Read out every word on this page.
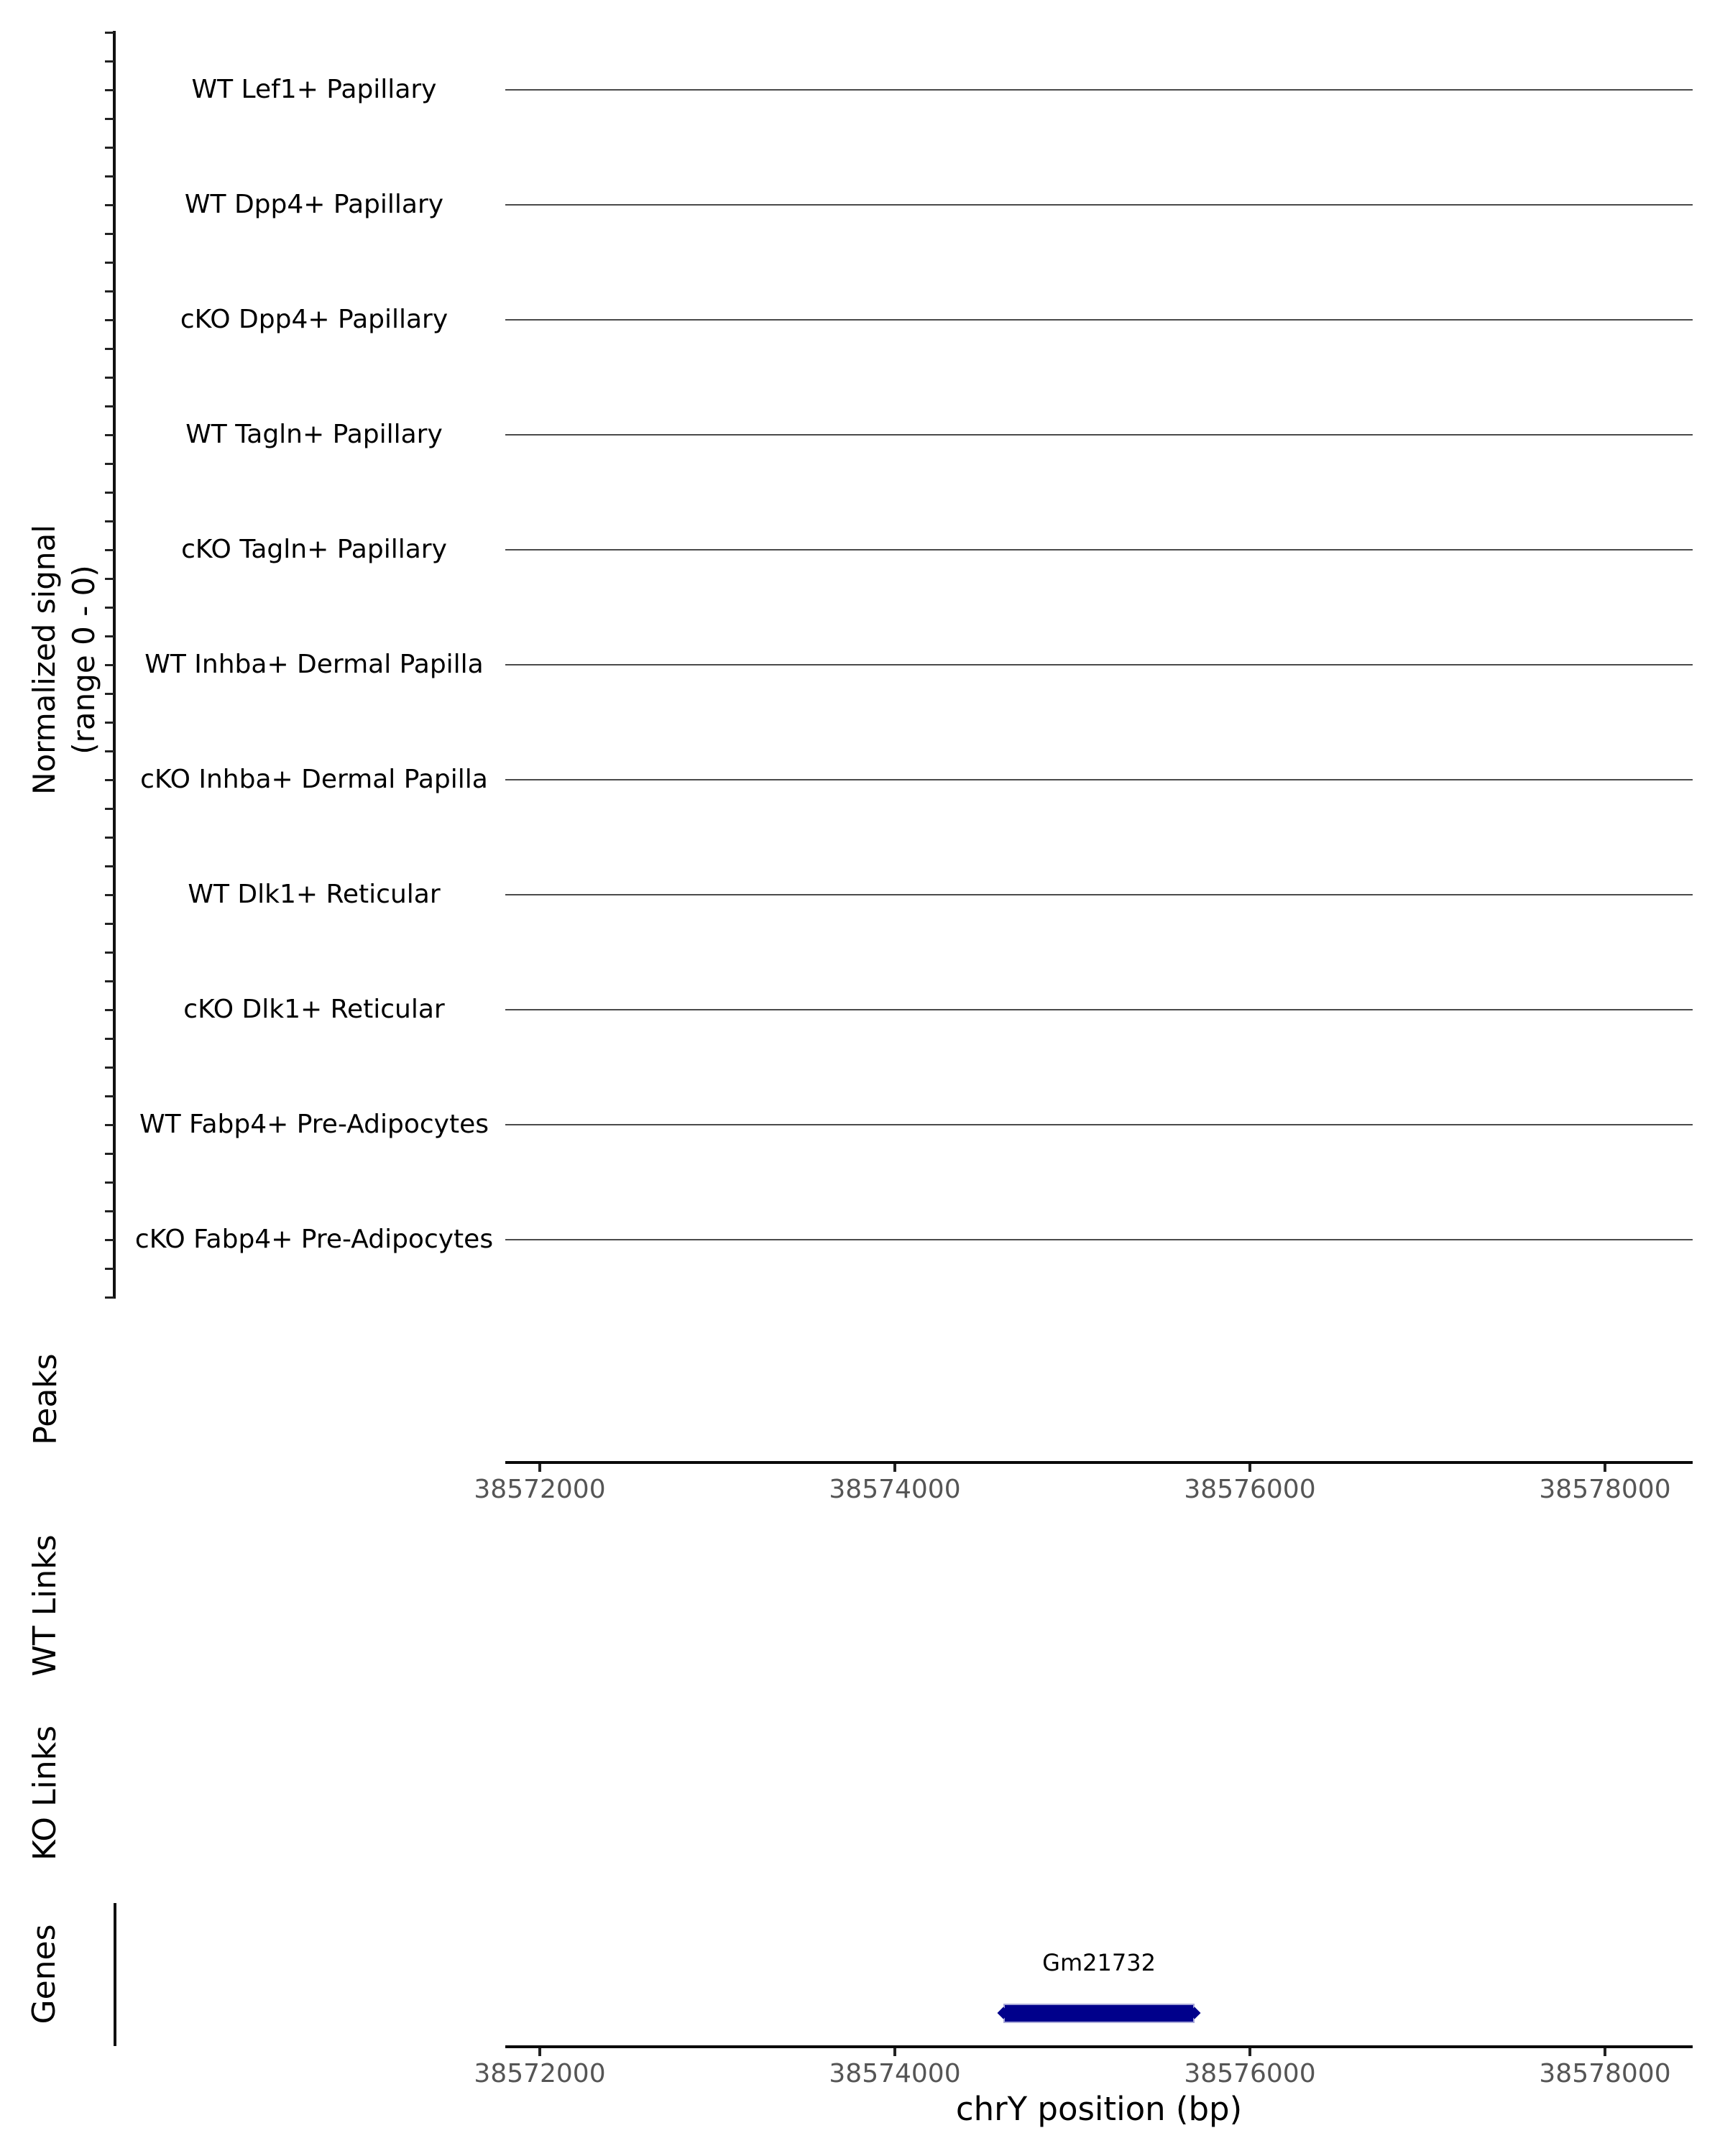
Normalized signal (range 0 - 0)
WT Lef1+ Papillary
WT Dpp4+ Papillary
cKO Dpp4+ Papillary
WT Tagln+ Papillary
cKO Tagln+ Papillary
WT Inhba+ Dermal Papilla
cKO Inhba+ Dermal Papilla
WT Dlk1+ Reticular
cKO Dlk1+ Reticular
WT Fabp4+ Pre-Adipocytes
cKO Fabp4+ Pre-Adipocytes
Peaks
WT Links
KO Links
Genes
38572000	38574000	38576000	38578000
Gm21732
38572000	38574000	38576000	38578000
chrY position (bp)
